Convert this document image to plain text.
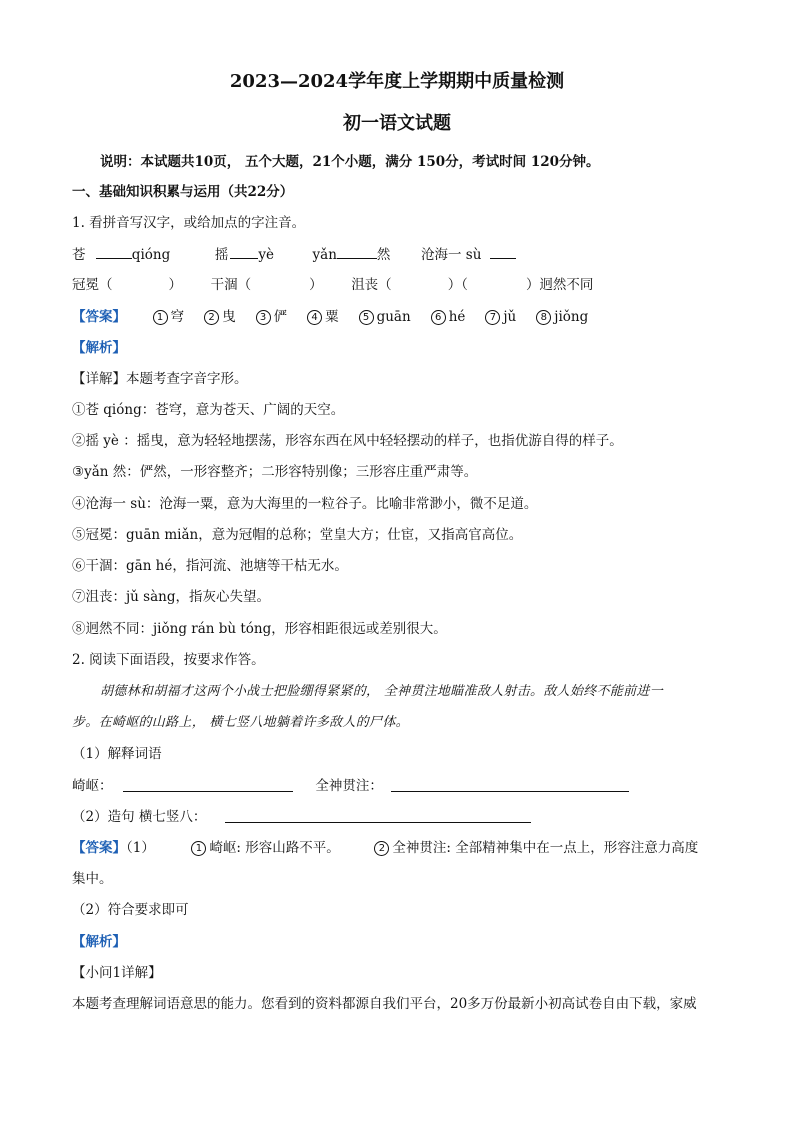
2023—2024学年度上学期期中质量检测
初一语文试题
说明：本试题共10页， 五个大题，21个小题，满分 150分，考试时间 120分钟。
一、基础知识积累与运用（共22分）
1. 看拼音写汉字，或给加点的字注音。
苍	qióng	摇 yè	yǎn	然 沧海一 sù
冠冕（	） 干涸（	） 沮丧（	）（	）迥然不同
【答案】	1 穹 2 曳 3 俨 4 粟 5 guān 6 hé 7 jǔ 8 jiǒng
【解析】
【详解】本题考查字音字形。
①苍 qióng：苍穹，意为苍天、广阔的天空。
②摇 yè ：摇曳，意为轻轻地摆荡，形容东西在风中轻轻摆动的样子，也指优游自得的样子。
③yǎn 然：俨然，一形容整齐；二形容特别像；三形容庄重严肃等。
④沧海一 sù：沧海一粟，意为大海里的一粒谷子。比喻非常渺小，微不足道。
⑤冠冕：guān miǎn，意为冠帽的总称；堂皇大方；仕宦，又指高官高位。
⑥干涸：gān hé，指河流、池塘等干枯无水。
⑦沮丧：jǔ sàng，指灰心失望。
⑧迥然不同：jiǒng rán bù tóng，形容相距很远或差别很大。
2. 阅读下面语段，按要求作答。
胡德林和胡福才这两个小战士把脸绷得紧紧的， 全神贯注地瞄准敌人射击。敌人始终不能前进一
步。在崎岖的山路上， 横七竖八地躺着许多敌人的尸体。
（1）解释词语
崎岖：	全神贯注：
（2）造句 横七竖八：
【答案】（1）	1 崎岖: 形容山路不平。	2 全神贯注: 全部精神集中在一点上，形容注意力高度
集中。
（2）符合要求即可
【解析】
【小问1详解】
本题考查理解词语意思的能力。您看到的资料都源自我们平台，20多万份最新小初高试卷自由下载，家威
